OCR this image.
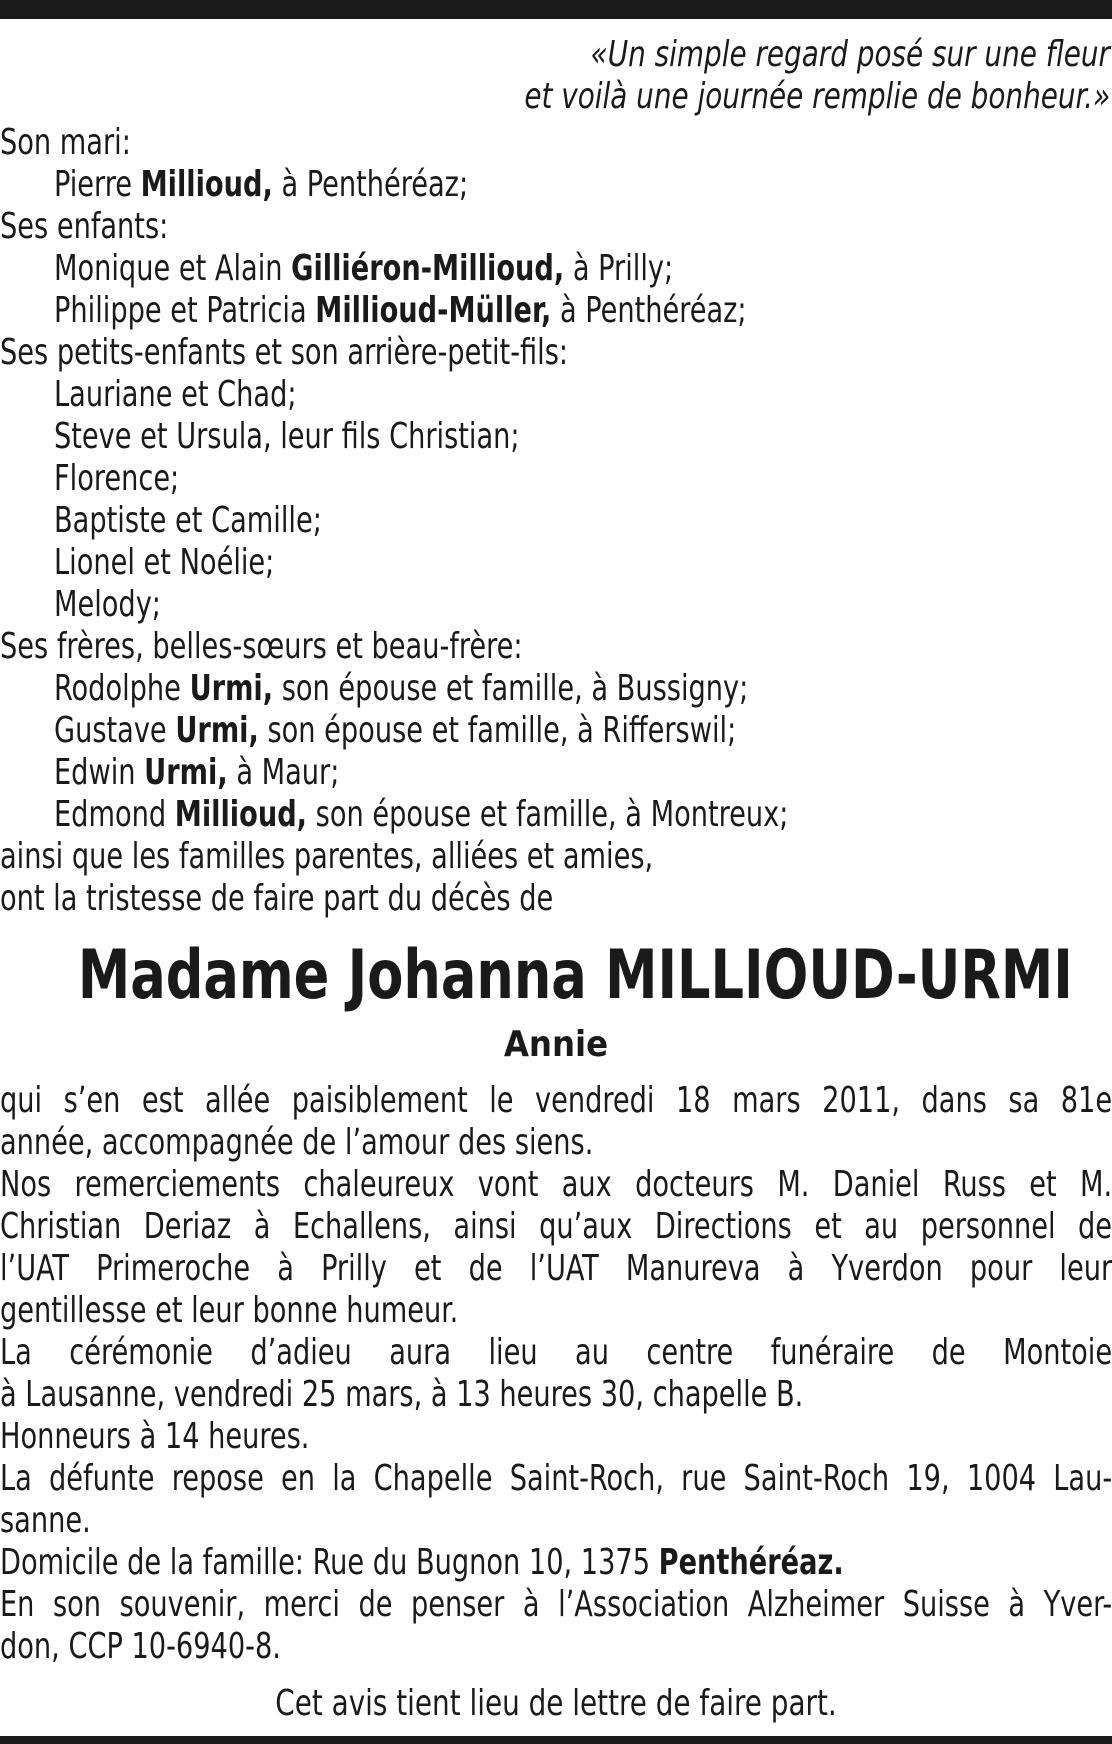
«Un simple regard posé sur une fleur
et voilà une journée remplie de bonheur.»
Son mari:
Pierre Millioud, à Penthéréaz;
Ses enfants:
Monique et Alain Gilliéron-Millioud, à Prilly;
Philippe et Patricia Millioud-Müller, à Penthéréaz;
Ses petits-enfants et son arrière-petit-fils:
Lauriane et Chad;
Steve et Ursula, leur fils Christian;
Florence;
Baptiste et Camille;
Lionel et Noélie;
Melody;
Ses frères, belles-sœurs et beau-frère:
Rodolphe Urmi, son épouse et famille, à Bussigny;
Gustave Urmi, son épouse et famille, à Rifferswil;
Edwin Urmi, à Maur;
Edmond Millioud, son épouse et famille, à Montreux;
ainsi que les familles parentes, alliées et amies,
ont la tristesse de faire part du décès de
Madame Johanna MILLIOUD-URMI
Annie
qui s’en est allée paisiblement le vendredi 18 mars 2011, dans sa 81e
année, accompagnée de l’amour des siens.
Nos remerciements chaleureux vont aux docteurs M. Daniel Russ et M.
Christian Deriaz à Echallens, ainsi qu’aux Directions et au personnel de
l’UAT Primeroche à Prilly et de l’UAT Manureva à Yverdon pour leur
gentillesse et leur bonne humeur.
La cérémonie d’adieu aura lieu au centre funéraire de Montoie
à Lausanne, vendredi 25 mars, à 13 heures 30, chapelle B.
Honneurs à 14 heures.
La défunte repose en la Chapelle Saint-Roch, rue Saint-Roch 19, 1004 Lau-
sanne.
Domicile de la famille: Rue du Bugnon 10, 1375 Penthéréaz.
En son souvenir, merci de penser à l’Association Alzheimer Suisse à Yver-
don, CCP 10-6940-8.
Cet avis tient lieu de lettre de faire part.
